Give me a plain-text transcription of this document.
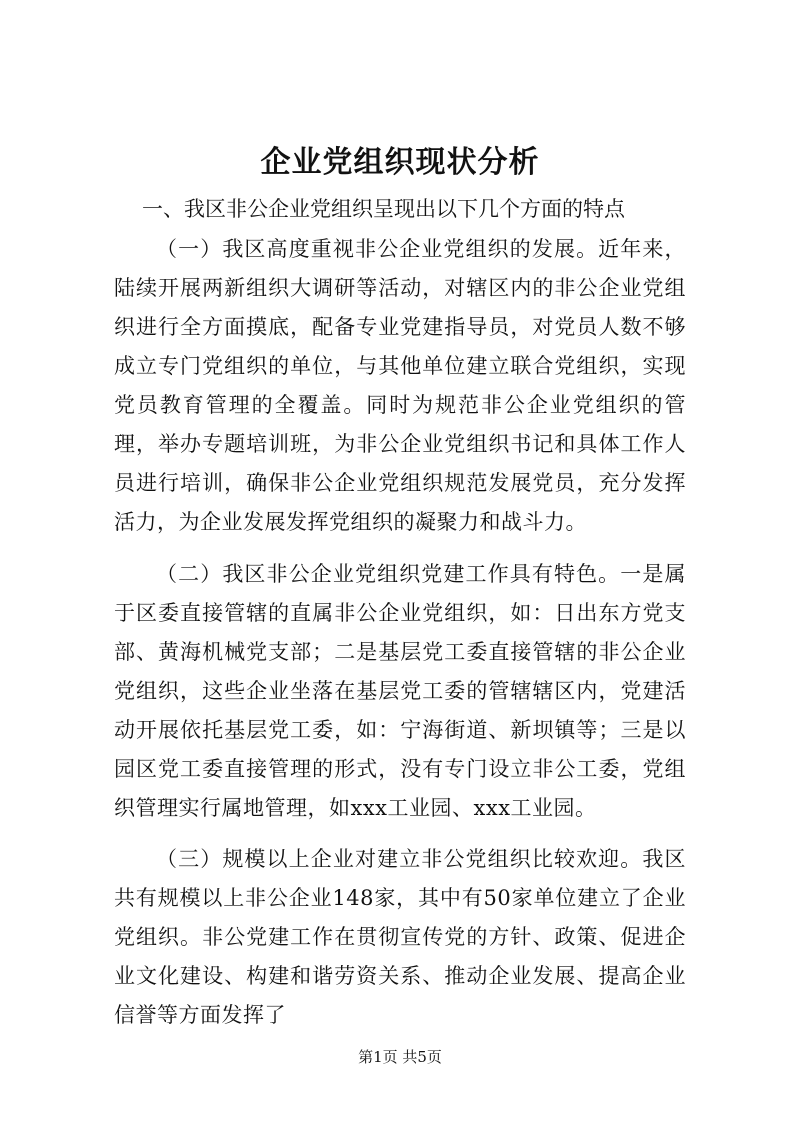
企业党组织现状分析
一、我区非公企业党组织呈现出以下几个方面的特点

（一）我区高度重视非公企业党组织的发展。近年来，陆续开展两新组织大调研等活动，对辖区内的非公企业党组织进行全方面摸底，配备专业党建指导员，对党员人数不够成立专门党组织的单位，与其他单位建立联合党组织，实现党员教育管理的全覆盖。同时为规范非公企业党组织的管理，举办专题培训班，为非公企业党组织书记和具体工作人员进行培训，确保非公企业党组织规范发展党员，充分发挥活力，为企业发展发挥党组织的凝聚力和战斗力。

（二）我区非公企业党组织党建工作具有特色。一是属于区委直接管辖的直属非公企业党组织，如：日出东方党支部、黄海机械党支部；二是基层党工委直接管辖的非公企业党组织，这些企业坐落在基层党工委的管辖辖区内，党建活动开展依托基层党工委，如：宁海街道、新坝镇等；三是以园区党工委直接管理的形式，没有专门设立非公工委，党组织管理实行属地管理，如xxx工业园、xxx工业园。

（三）规模以上企业对建立非公党组织比较欢迎。我区共有规模以上非公企业148家，其中有50家单位建立了企业党组织。非公党建工作在贯彻宣传党的方针、政策、促进企业文化建设、构建和谐劳资关系、推动企业发展、提高企业信誉等方面发挥了

第1页 共5页
